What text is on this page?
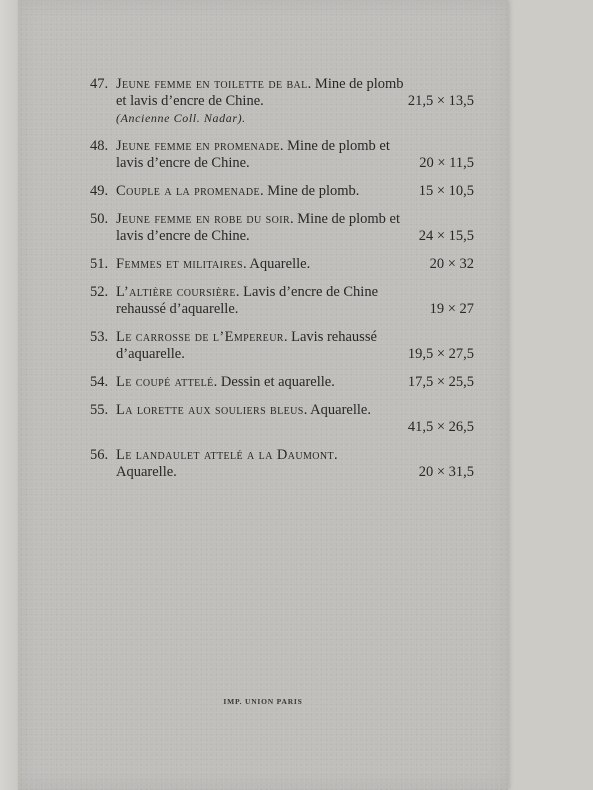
47. Jeune femme en toilette de bal. Mine de plomb
et lavis d’encre de Chine.	21,5 × 13,5
(Ancienne Coll. Nadar).
48. Jeune femme en promenade. Mine de plomb et
lavis d’encre de Chine.	20 × 11,5
49. Couple a la promenade. Mine de plomb.	15 × 10,5
50. Jeune femme en robe du soir. Mine de plomb et
lavis d’encre de Chine.	24 × 15,5
51. Femmes et militaires. Aquarelle.	20 × 32
52. L’altière coursière. Lavis d’encre de Chine
rehaussé d’aquarelle.	19 × 27
53. Le carrosse de l’Empereur. Lavis rehaussé
d’aquarelle.	19,5 × 27,5
54. Le coupé attelé. Dessin et aquarelle.	17,5 × 25,5
55. La lorette aux souliers bleus. Aquarelle.
41,5 × 26,5
56. Le landaulet attelé a la Daumont.
Aquarelle.	20 × 31,5
IMP. UNION PARIS
